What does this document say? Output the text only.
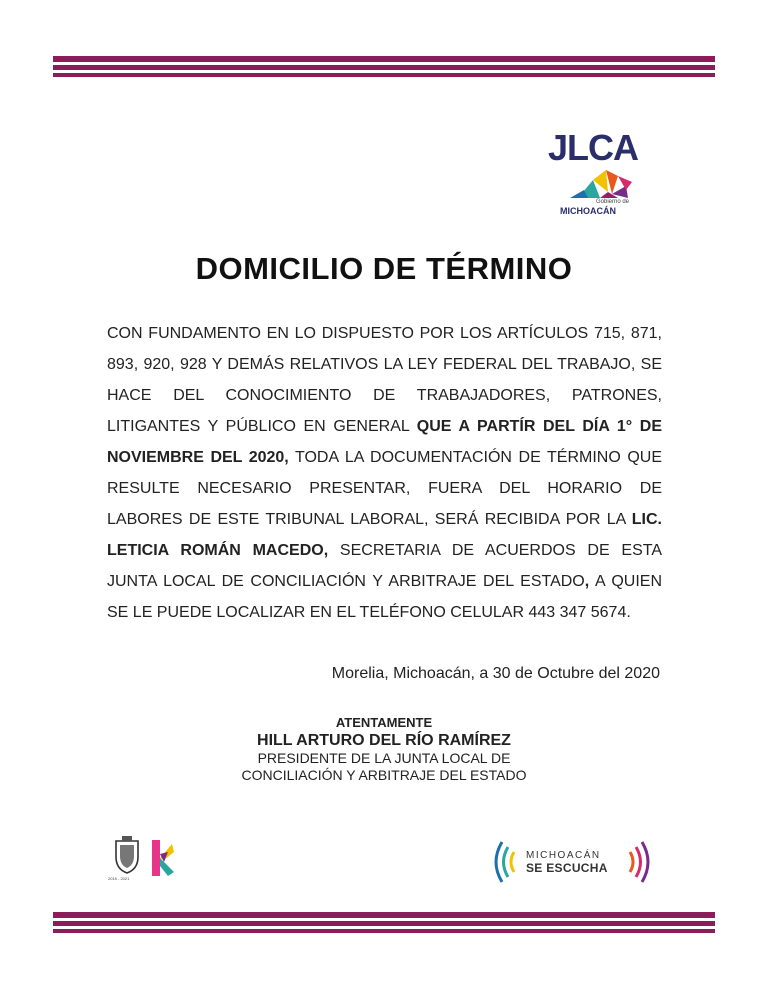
JLCA
Gobierno de
MICHOACÁN
DOMICILIO DE TÉRMINO
CON FUNDAMENTO EN LO DISPUESTO POR LOS ARTÍCULOS 715, 871, 893, 920, 928 Y DEMÁS RELATIVOS LA LEY FEDERAL DEL TRABAJO, SE HACE DEL CONOCIMIENTO DE TRABAJADORES, PATRONES, LITIGANTES Y PÚBLICO EN GENERAL QUE A PARTÍR DEL DÍA 1° DE NOVIEMBRE DEL 2020, TODA LA DOCUMENTACIÓN DE TÉRMINO QUE RESULTE NECESARIO PRESENTAR, FUERA DEL HORARIO DE LABORES DE ESTE TRIBUNAL LABORAL, SERÁ RECIBIDA POR LA LIC. LETICIA ROMÁN MACEDO, SECRETARIA DE ACUERDOS DE ESTA JUNTA LOCAL DE CONCILIACIÓN Y ARBITRAJE DEL ESTADO, A QUIEN SE LE PUEDE LOCALIZAR EN EL TELÉFONO CELULAR 443 347 5674.
Morelia, Michoacán, a 30 de Octubre del 2020
ATENTAMENTE
HILL ARTURO DEL RÍO RAMÍREZ
PRESIDENTE DE LA JUNTA LOCAL DE
CONCILIACIÓN Y ARBITRAJE DEL ESTADO
2015 - 2021
MICHOACÁN
SE ESCUCHA
